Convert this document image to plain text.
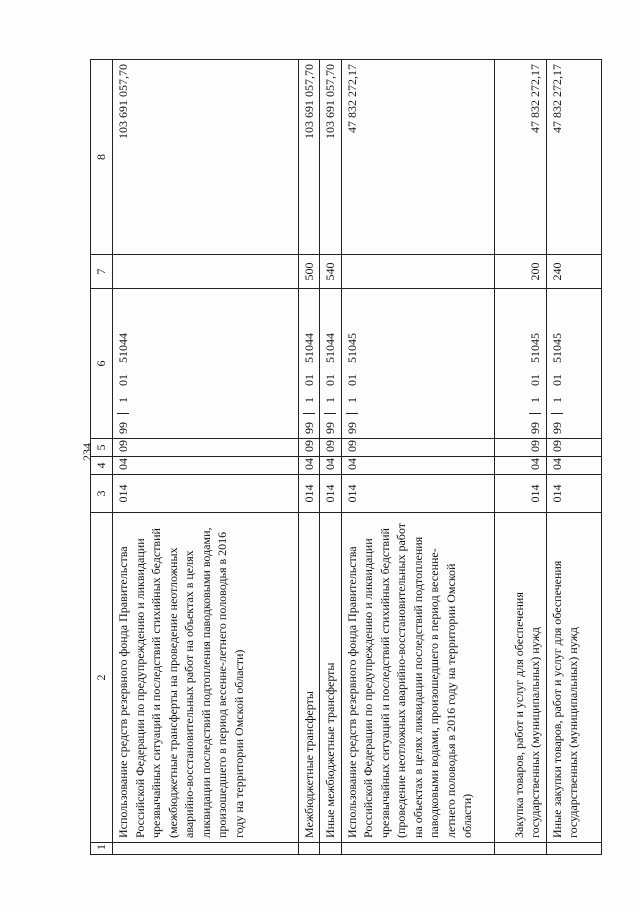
234
1	2	3	4	5	6	7	8
	Использование средств резервного фонда Правительства Российской Федерации по предупреждению и ликвидации чрезвычайных ситуаций и последствий стихийных бедствий (межбюджетные трансферты на проведение неотложных аварийно-восстановительных работ на объектах в целях ликвидации последствий подтопления паводковыми водами, произошедшего в период весенне-летнего половодья в 2016 году на территории Омской области)	014	04	09	99 1 01 51044		103 691 057,70
	Межбюджетные трансферты	014	04	09	99 1 01 51044	500	103 691 057,70
	Иные межбюджетные трансферты	014	04	09	99 1 01 51044	540	103 691 057,70
	Использование средств резервного фонда Правительства Российской Федерации по предупреждению и ликвидации чрезвычайных ситуаций и последствий стихийных бедствий (проведение неотложных аварийно-восстановительных работ на объектах в целях ликвидации последствий подтопления паводковыми водами, произошедшего в период весенне-летнего половодья в 2016 году на территории Омской области)	014	04	09	99 1 01 51045		47 832 272,17
	Закупка товаров, работ и услуг для обеспечения государственных (муниципальных) нужд	014	04	09	99 1 01 51045	200	47 832 272,17
	Иные закупки товаров, работ и услуг для обеспечения государственных (муниципальных) нужд	014	04	09	99 1 01 51045	240	47 832 272,17
